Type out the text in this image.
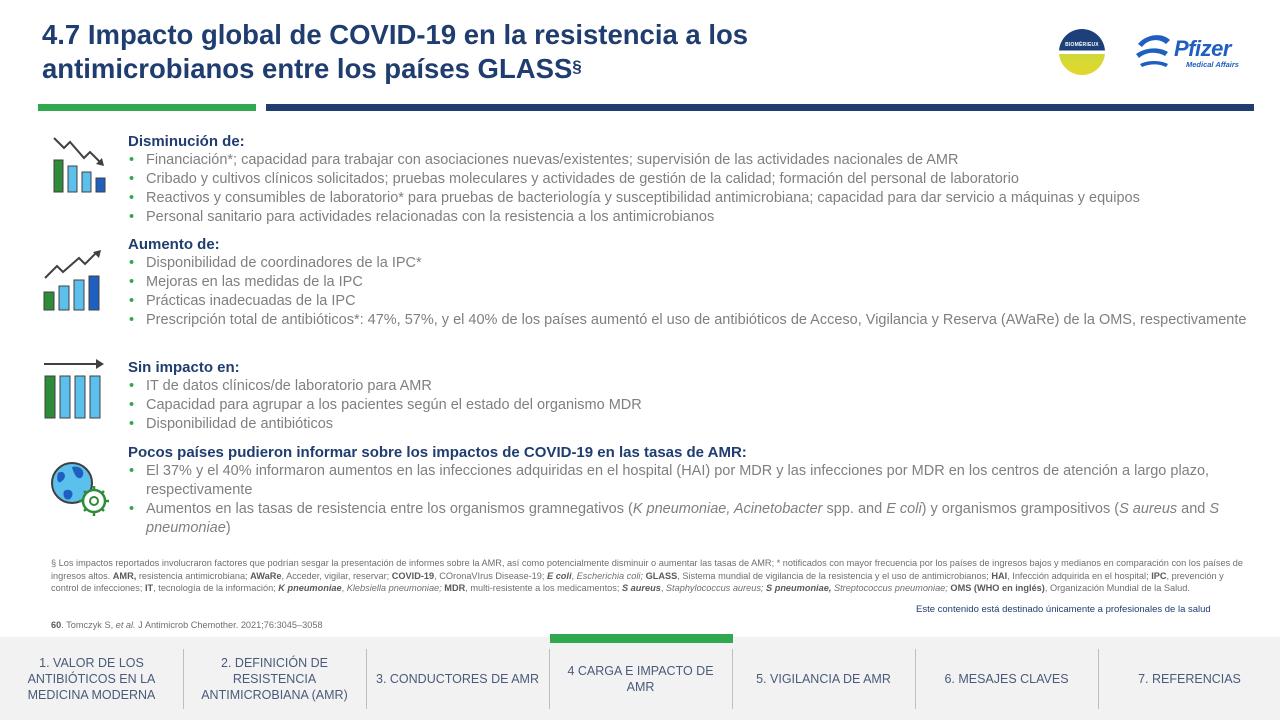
4.7 Impacto global de COVID-19 en la resistencia a los antimicrobianos entre los países GLASS§
BIOMÉRIEUX	Pfizer
Medical Affairs
Disminución de:
• Financiación*; capacidad para trabajar con asociaciones nuevas/existentes; supervisión de las actividades nacionales de AMR
• Cribado y cultivos clínicos solicitados; pruebas moleculares y actividades de gestión de la calidad; formación del personal de laboratorio
• Reactivos y consumibles de laboratorio* para pruebas de bacteriología y susceptibilidad antimicrobiana; capacidad para dar servicio a máquinas y equipos
• Personal sanitario para actividades relacionadas con la resistencia a los antimicrobianos
Aumento de:
• Disponibilidad de coordinadores de la IPC*
• Mejoras en las medidas de la IPC
• Prácticas inadecuadas de la IPC
• Prescripción total de antibióticos*: 47%, 57%, y el 40% de los países aumentó el uso de antibióticos de Acceso, Vigilancia y Reserva (AWaRe) de la OMS, respectivamente
Sin impacto en:
• IT de datos clínicos/de laboratorio para AMR
• Capacidad para agrupar a los pacientes según el estado del organismo MDR
• Disponibilidad de antibióticos
Pocos países pudieron informar sobre los impactos de COVID-19 en las tasas de AMR:
• El 37% y el 40% informaron aumentos en las infecciones adquiridas en el hospital (HAI) por MDR y las infecciones por MDR en los centros de atención a largo plazo, respectivamente
• Aumentos en las tasas de resistencia entre los organismos gramnegativos (K pneumoniae, Acinetobacter spp. and E coli) y organismos grampositivos (S aureus and S pneumoniae)
§ Los impactos reportados involucraron factores que podrían sesgar la presentación de informes sobre la AMR, así como potencialmente disminuir o aumentar las tasas de AMR; * notificados con mayor frecuencia por los países de ingresos bajos y medianos en comparación con los países de ingresos altos. AMR, resistencia antimicrobiana; AWaRe, Acceder, vigilar, reservar; COVID-19, COronaVIrus Disease-19; E coli, Escherichia coli; GLASS, Sistema mundial de vigilancia de la resistencia y el uso de antimicrobianos; HAI, Infección adquirida en el hospital; IPC, prevención y control de infecciones; IT, tecnología de la información; K pneumoniae, Klebsiella pneumoniae; MDR, multi-resistente a los medicamentos; S aureus, Staphylococcus aureus; S pneumoniae, Streptococcus pneumoniae; OMS (WHO en inglés), Organización Mundial de la Salud.
Este contenido está destinado únicamente a profesionales de la salud
60. Tomczyk S, et al. J Antimicrob Chemother. 2021;76:3045–3058
1. VALOR DE LOS ANTIBIÓTICOS EN LA MEDICINA MODERNA
2. DEFINICIÓN DE RESISTENCIA ANTIMICROBIANA (AMR)
3. CONDUCTORES DE AMR
4 CARGA E IMPACTO DE AMR
5. VIGILANCIA DE AMR	6. MESAJES CLAVES	7. REFERENCIAS
